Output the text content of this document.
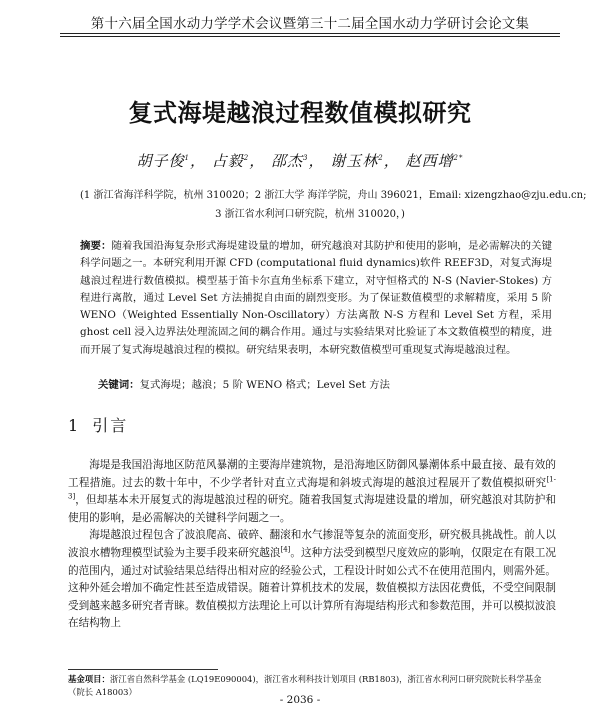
第十六届全国水动力学学术会议暨第三十二届全国水动力学研讨会论文集
复式海堤越浪过程数值模拟研究
胡子俊$^1$， 占毅$^2$， 邵杰$^3$， 谢玉林$^2$， 赵西增$^{2*}$
(1 浙江省海洋科学院，杭州 310020；2 浙江大学 海洋学院，舟山 396021，Email: xizengzhao@zju.edu.cn;
3 浙江省水利河口研究院，杭州 310020，)
摘要：随着我国沿海复杂形式海堤建设量的增加，研究越浪对其防护和使用的影响，是必需解决的关键科学问题之一。本研究利用开源 CFD (computational fluid dynamics)软件 REEF3D，对复式海堤越浪过程进行数值模拟。模型基于笛卡尔直角坐标系下建立，对守恒格式的 N-S (Navier-Stokes) 方程进行离散，通过 Level Set 方法捕捉自由面的剧烈变形。为了保证数值模型的求解精度，采用 5 阶 WENO（Weighted Essentially Non-Oscillatory）方法离散 N-S 方程和 Level Set 方程，采用 ghost cell 浸入边界法处理流固之间的耦合作用。通过与实验结果对比验证了本文数值模型的精度，进而开展了复式海堤越浪过程的模拟。研究结果表明，本研究数值模型可重现复式海堤越浪过程。
关键词：复式海堤；越浪；5 阶 WENO 格式；Level Set 方法
1 引言

海堤是我国沿海地区防范风暴潮的主要海岸建筑物，是沿海地区防御风暴潮体系中最直接、最有效的工程措施。过去的数十年中，不少学者针对直立式海堤和斜坡式海堤的越浪过程展开了数值模拟研究[1-3]，但却基本未开展复式的海堤越浪过程的研究。随着我国复式海堤建设量的增加，研究越浪对其防护和使用的影响，是必需解决的关键科学问题之一。

海堤越浪过程包含了波浪爬高、破碎、翻滚和水气掺混等复杂的流面变形，研究极具挑战性。前人以波浪水槽物理模型试验为主要手段来研究越浪[4]。这种方法受到模型尺度效应的影响，仅限定在有限工况的范围内，通过对试验结果总结得出相对应的经验公式，工程设计时如公式不在使用范围内，则需外延。这种外延会增加不确定性甚至造成错误。随着计算机技术的发展，数值模拟方法因花费低，不受空间限制受到越来越多研究者青睐。数值模拟方法理论上可以计算所有海堤结构形式和参数范围，并可以模拟波浪在结构物上

基金项目：浙江省自然科学基金 (LQ19E090004)，浙江省水利科技计划项目 (RB1803)，浙江省水利河口研究院院长科学基金（院长 A18003）
- 2036 -
